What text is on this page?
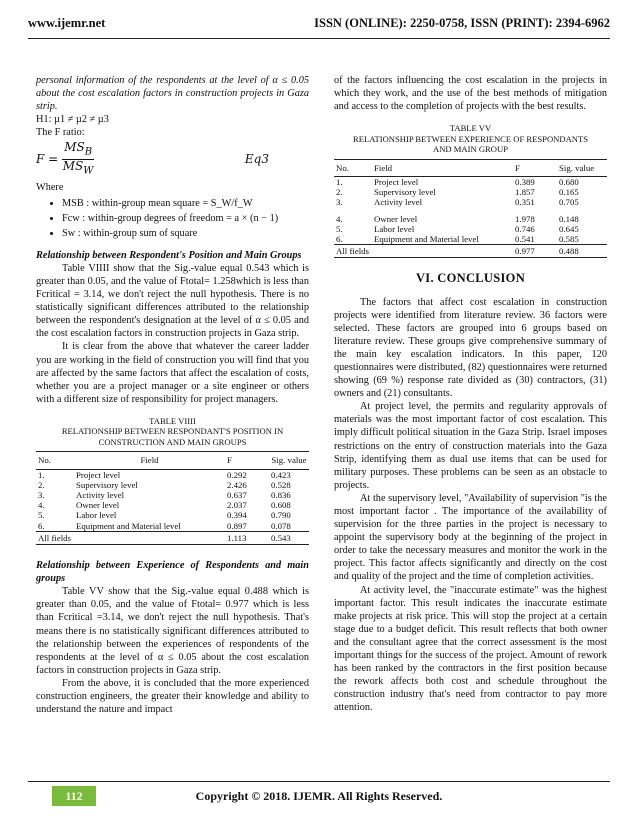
www.ijemr.net	ISSN (ONLINE): 2250-0758, ISSN (PRINT): 2394-6962

personal information of the respondents at the level of α ≤ 0.05 about the cost escalation factors in construction projects in Gaza strip.

H1: µ1 ≠ µ2 ≠ µ3

The F ratio:

$F = \frac{MS_B}{MS_W}$	Eq3

Where

• MSB : within-group mean square = S_W/f_W
• Fcw : within-group degrees of freedom = a × (n − 1)
• Sw : within-group sum of square

Relationship between Respondent's Position and Main Groups

Table VIIII show that the Sig.-value equal 0.543 which is greater than 0.05, and the value of Ftotal= 1.258which is less than Fcritical = 3.14, we don't reject the null hypothesis. There is no statistically significant differences attributed to the relationship between the respondent's designation at the level of α ≤ 0.05 and the cost escalation factors in construction projects in Gaza strip.

It is clear from the above that whatever the career ladder you are working in the field of construction you will find that you are affected by the same factors that affect the escalation of costs, whether you are a project manager or a site engineer or others with a different size of responsibility for project managers.

TABLE VIIII
RELATIONSHIP BETWEEN RESPONDANT'S POSITION IN
CONSTRUCTION AND MAIN GROUPS
No.	Field	F	Sig. value
1.	Project level	0.292	0.423
2.	Supervisory level	2.426	0.528
3.	Activity level	0.637	0.836
4.	Owner level	2.037	0.608
5.	Labor level	0.394	0.790
6.	Equipment and Material level	0.897	0.078
All fields		1.113	0.543

Relationship between Experience of Respondents and main groups

Table VV show that the Sig.-value equal 0.488 which is greater than 0.05, and the value of Ftotal= 0.977 which is less than Fcritical =3.14, we don't reject the null hypothesis. That's means there is no statistically significant differences attributed to the relationship between the experiences of respondents of the respondents at the level of α ≤ 0.05 about the cost escalation factors in construction projects in Gaza strip.

From the above, it is concluded that the more experienced construction engineers, the greater their knowledge and ability to understand the nature and impact

of the factors influencing the cost escalation in the projects in which they work, and the use of the best methods of mitigation and access to the completion of projects with the best results.

TABLE VV
RELATIONSHIP BETWEEN EXPERIENCE OF RESPONDANTS
AND MAIN GROUP
No.	Field	F	Sig. value
1.	Project level	0.389	0.680
2.	Supervisory level	1.857	0.165
3.	Activity level	0.351	0.705
4.	Owner level	1.978	0.148
5.	Labor level	0.746	0.645
6.	Equipment and Material level	0.541	0.585
All fields		0.977	0.488
VI. CONCLUSION

The factors that affect cost escalation in construction projects were identified from literature review. 36 factors were selected. These factors are grouped into 6 groups based on literature review. These groups give comprehensive summary of the main key escalation indicators. In this paper, 120 questionnaires were distributed, (82) questionnaires were returned showing (69 %) response rate divided as (30) contractors, (31) owners and (21) consultants.

At project level, the permits and regularity approvals of materials was the most important factor of cost escalation. This imply difficult political situation in the Gaza Strip. Israel imposes restrictions on the entry of construction materials into the Gaza Strip, identifying them as dual use items that can be used for military purposes. These problems can be seen as an obstacle to projects.

At the supervisory level, "Availability of supervision "is the most important factor . The importance of the availability of supervision for the three parties in the project is necessary to appoint the supervisory body at the beginning of the project in order to take the necessary measures and monitor the work in the project. This factor affects significantly and directly on the cost and quality of the project and the time of completion activities.

At activity level, the "inaccurate estimate" was the highest important factor. This result indicates the inaccurate estimate make projects at risk price. This will stop the project at a certain stage due to a budget deficit. This result reflects that both owner and the consultant agree that the correct assessment is the most important things for the success of the project. Amount of rework has been ranked by the contractors in the first position because the rework affects both cost and schedule throughout the construction industry that's need from contractor to pay more attention.

112	Copyright © 2018. IJEMR. All Rights Reserved.
